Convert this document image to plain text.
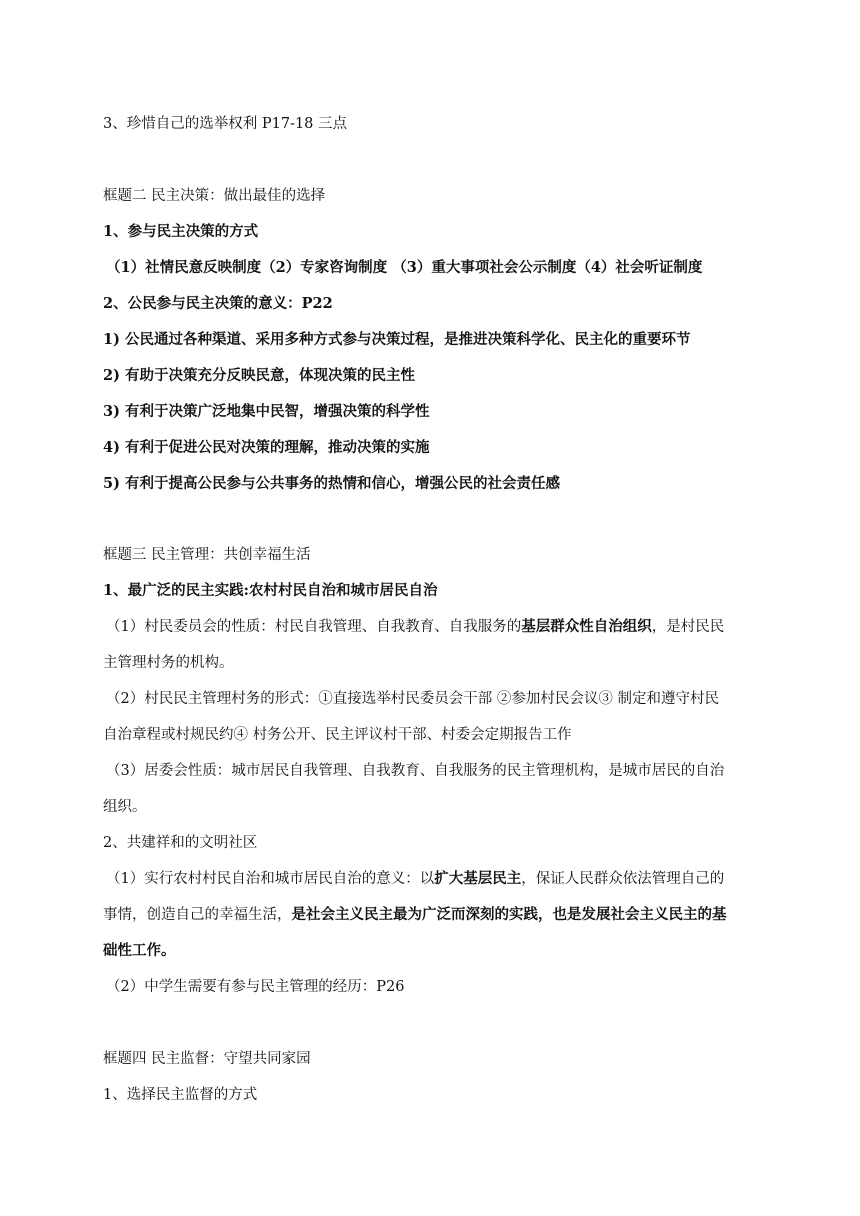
3、珍惜自己的选举权利 P17-18 三点
框题二 民主决策：做出最佳的选择
1、参与民主决策的方式
（1）社情民意反映制度（2）专家咨询制度 （3）重大事项社会公示制度（4）社会听证制度
2、公民参与民主决策的意义：P22
1) 公民通过各种渠道、采用多种方式参与决策过程，是推进决策科学化、民主化的重要环节
2) 有助于决策充分反映民意，体现决策的民主性
3) 有利于决策广泛地集中民智，增强决策的科学性
4) 有利于促进公民对决策的理解，推动决策的实施
5) 有利于提高公民参与公共事务的热情和信心，增强公民的社会责任感
框题三 民主管理：共创幸福生活
1、最广泛的民主实践:农村村民自治和城市居民自治
（1）村民委员会的性质：村民自我管理、自我教育、自我服务的基层群众性自治组织，是村民民
主管理村务的机构。
（2）村民民主管理村务的形式：①直接选举村民委员会干部 ②参加村民会议③ 制定和遵守村民
自治章程或村规民约④ 村务公开、民主评议村干部、村委会定期报告工作
（3）居委会性质：城市居民自我管理、自我教育、自我服务的民主管理机构，是城市居民的自治
组织。
2、共建祥和的文明社区
（1）实行农村村民自治和城市居民自治的意义：以扩大基层民主，保证人民群众依法管理自己的
事情，创造自己的幸福生活，是社会主义民主最为广泛而深刻的实践，也是发展社会主义民主的基
础性工作。
（2）中学生需要有参与民主管理的经历：P26
框题四 民主监督：守望共同家园
1、选择民主监督的方式
